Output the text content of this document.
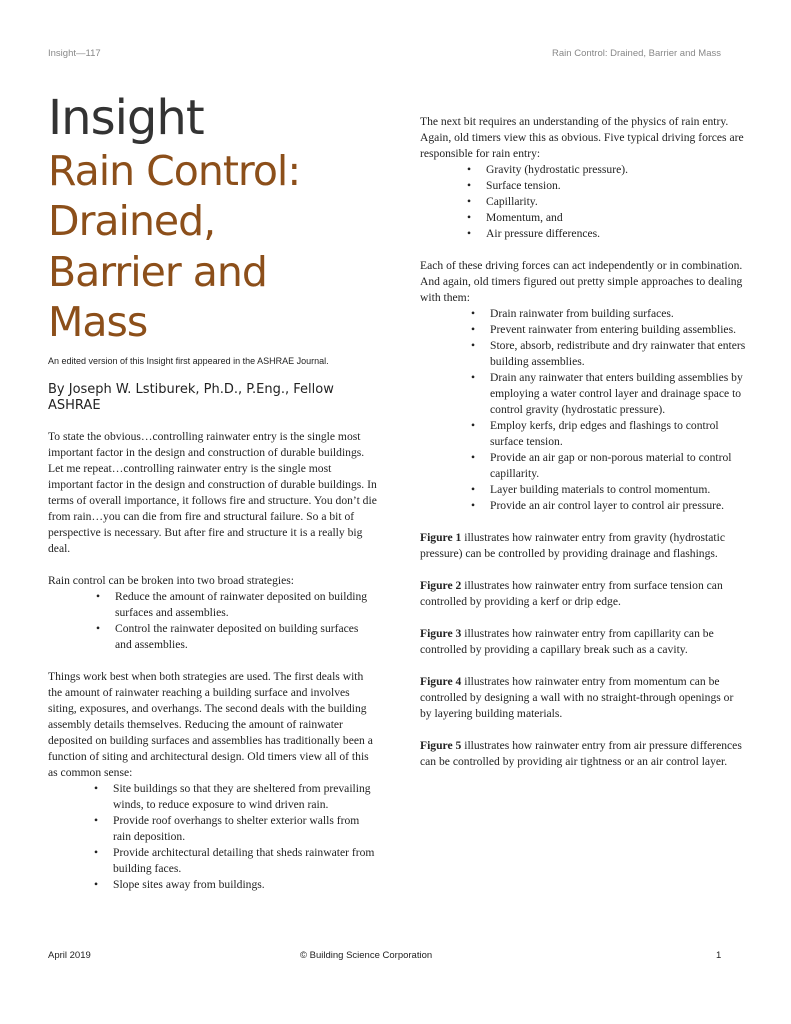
Insight—117	Rain Control: Drained, Barrier and Mass
Insight
Rain Control:
Drained,
Barrier and
Mass
An edited version of this Insight first appeared in the ASHRAE Journal.
By Joseph W. Lstiburek, Ph.D., P.Eng., Fellow ASHRAE

To state the obvious…controlling rainwater entry is the single most important factor in the design and construction of durable buildings. Let me repeat…controlling rainwater entry is the single most important factor in the design and construction of durable buildings. In terms of overall importance, it follows fire and structure. You don’t die from rain…you can die from fire and structural failure. So a bit of perspective is necessary. But after fire and structure it is a really big deal.

Rain control can be broken into two broad strategies:

• Reduce the amount of rainwater deposited on building surfaces and assemblies.
• Control the rainwater deposited on building surfaces and assemblies.

Things work best when both strategies are used. The first deals with the amount of rainwater reaching a building surface and involves siting, exposures, and overhangs. The second deals with the building assembly details themselves. Reducing the amount of rainwater deposited on building surfaces and assemblies has traditionally been a function of siting and architectural design. Old timers view all of this as common sense:

• Site buildings so that they are sheltered from prevailing winds, to reduce exposure to wind driven rain.
• Provide roof overhangs to shelter exterior walls from rain deposition.
• Provide architectural detailing that sheds rainwater from building faces.
• Slope sites away from buildings.

The next bit requires an understanding of the physics of rain entry. Again, old timers view this as obvious. Five typical driving forces are responsible for rain entry:

• Gravity (hydrostatic pressure).
• Surface tension.
• Capillarity.
• Momentum, and
• Air pressure differences.

Each of these driving forces can act independently or in combination. And again, old timers figured out pretty simple approaches to dealing with them:

• Drain rainwater from building surfaces.
• Prevent rainwater from entering building assemblies.
• Store, absorb, redistribute and dry rainwater that enters building assemblies.
• Drain any rainwater that enters building assemblies by employing a water control layer and drainage space to control gravity (hydrostatic pressure).
• Employ kerfs, drip edges and flashings to control surface tension.
• Provide an air gap or non-porous material to control capillarity.
• Layer building materials to control momentum.
• Provide an air control layer to control air pressure.

Figure 1 illustrates how rainwater entry from gravity (hydrostatic pressure) can be controlled by providing drainage and flashings.

Figure 2 illustrates how rainwater entry from surface tension can controlled by providing a kerf or drip edge.

Figure 3 illustrates how rainwater entry from capillarity can be controlled by providing a capillary break such as a cavity.

Figure 4 illustrates how rainwater entry from momentum can be controlled by designing a wall with no straight-through openings or by layering building materials.

Figure 5 illustrates how rainwater entry from air pressure differences can be controlled by providing air tightness or an air control layer.

April 2019	© Building Science Corporation	1
